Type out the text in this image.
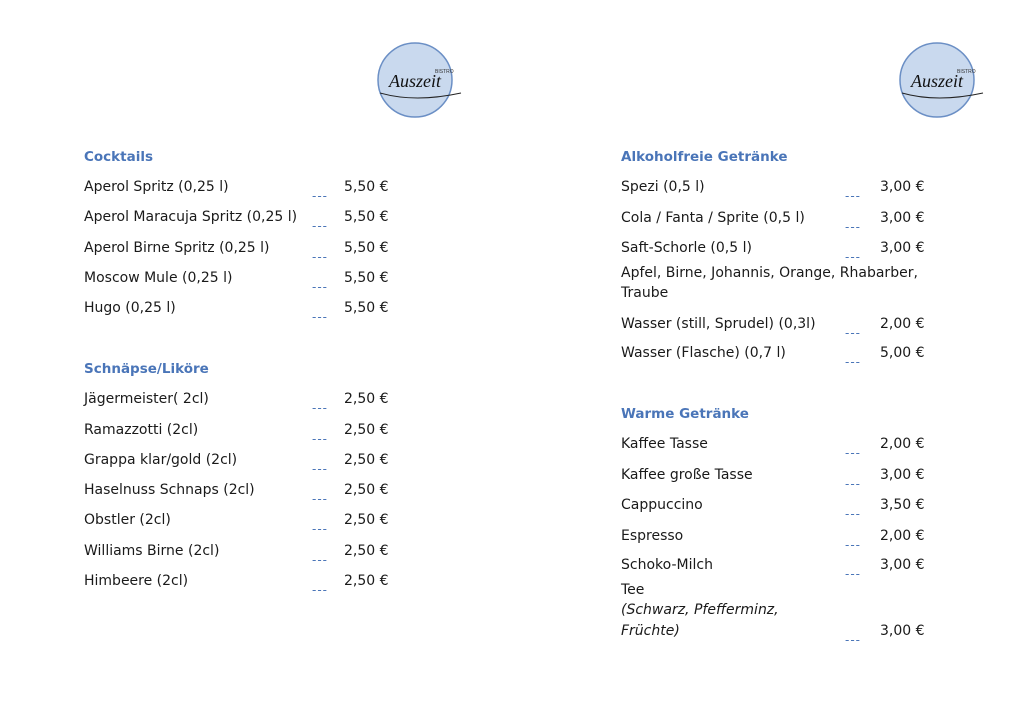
BISTRO
Auszeit	BISTRO
Auszeit
Cocktails
Aperol Spritz (0,25 l)
---
5,50 €
Aperol Maracuja Spritz (0,25 l)
---
5,50 €
Aperol Birne Spritz (0,25 l)
---
5,50 €
Moscow Mule (0,25 l)
---
5,50 €
Hugo (0,25 l)
---
5,50 €
Schnäpse/Liköre
Jägermeister( 2cl)
---
2,50 €
Ramazzotti (2cl)
---
2,50 €
Grappa klar/gold (2cl)
---
2,50 €
Haselnuss Schnaps (2cl)
---
2,50 €
Obstler (2cl)
---
2,50 €
Williams Birne (2cl)
---
2,50 €
Himbeere (2cl)
---
2,50 €
Alkoholfreie Getränke
Spezi (0,5 l)
---
3,00 €
Cola / Fanta / Sprite (0,5 l)
---
3,00 €
Saft-Schorle (0,5 l)
---
3,00 €
Apfel, Birne, Johannis, Orange, Rhabarber,
Traube
Wasser (still, Sprudel) (0,3l)
---
2,00 €
Wasser (Flasche) (0,7 l)
---
5,00 €
Warme Getränke
Kaffee Tasse
---
2,00 €
Kaffee große Tasse
---
3,00 €
Cappuccino
---
3,50 €
Espresso
---
2,00 €
Schoko-Milch
---
3,00 €
Tee
(Schwarz, Pfefferminz,
Früchte)
---
3,00 €
